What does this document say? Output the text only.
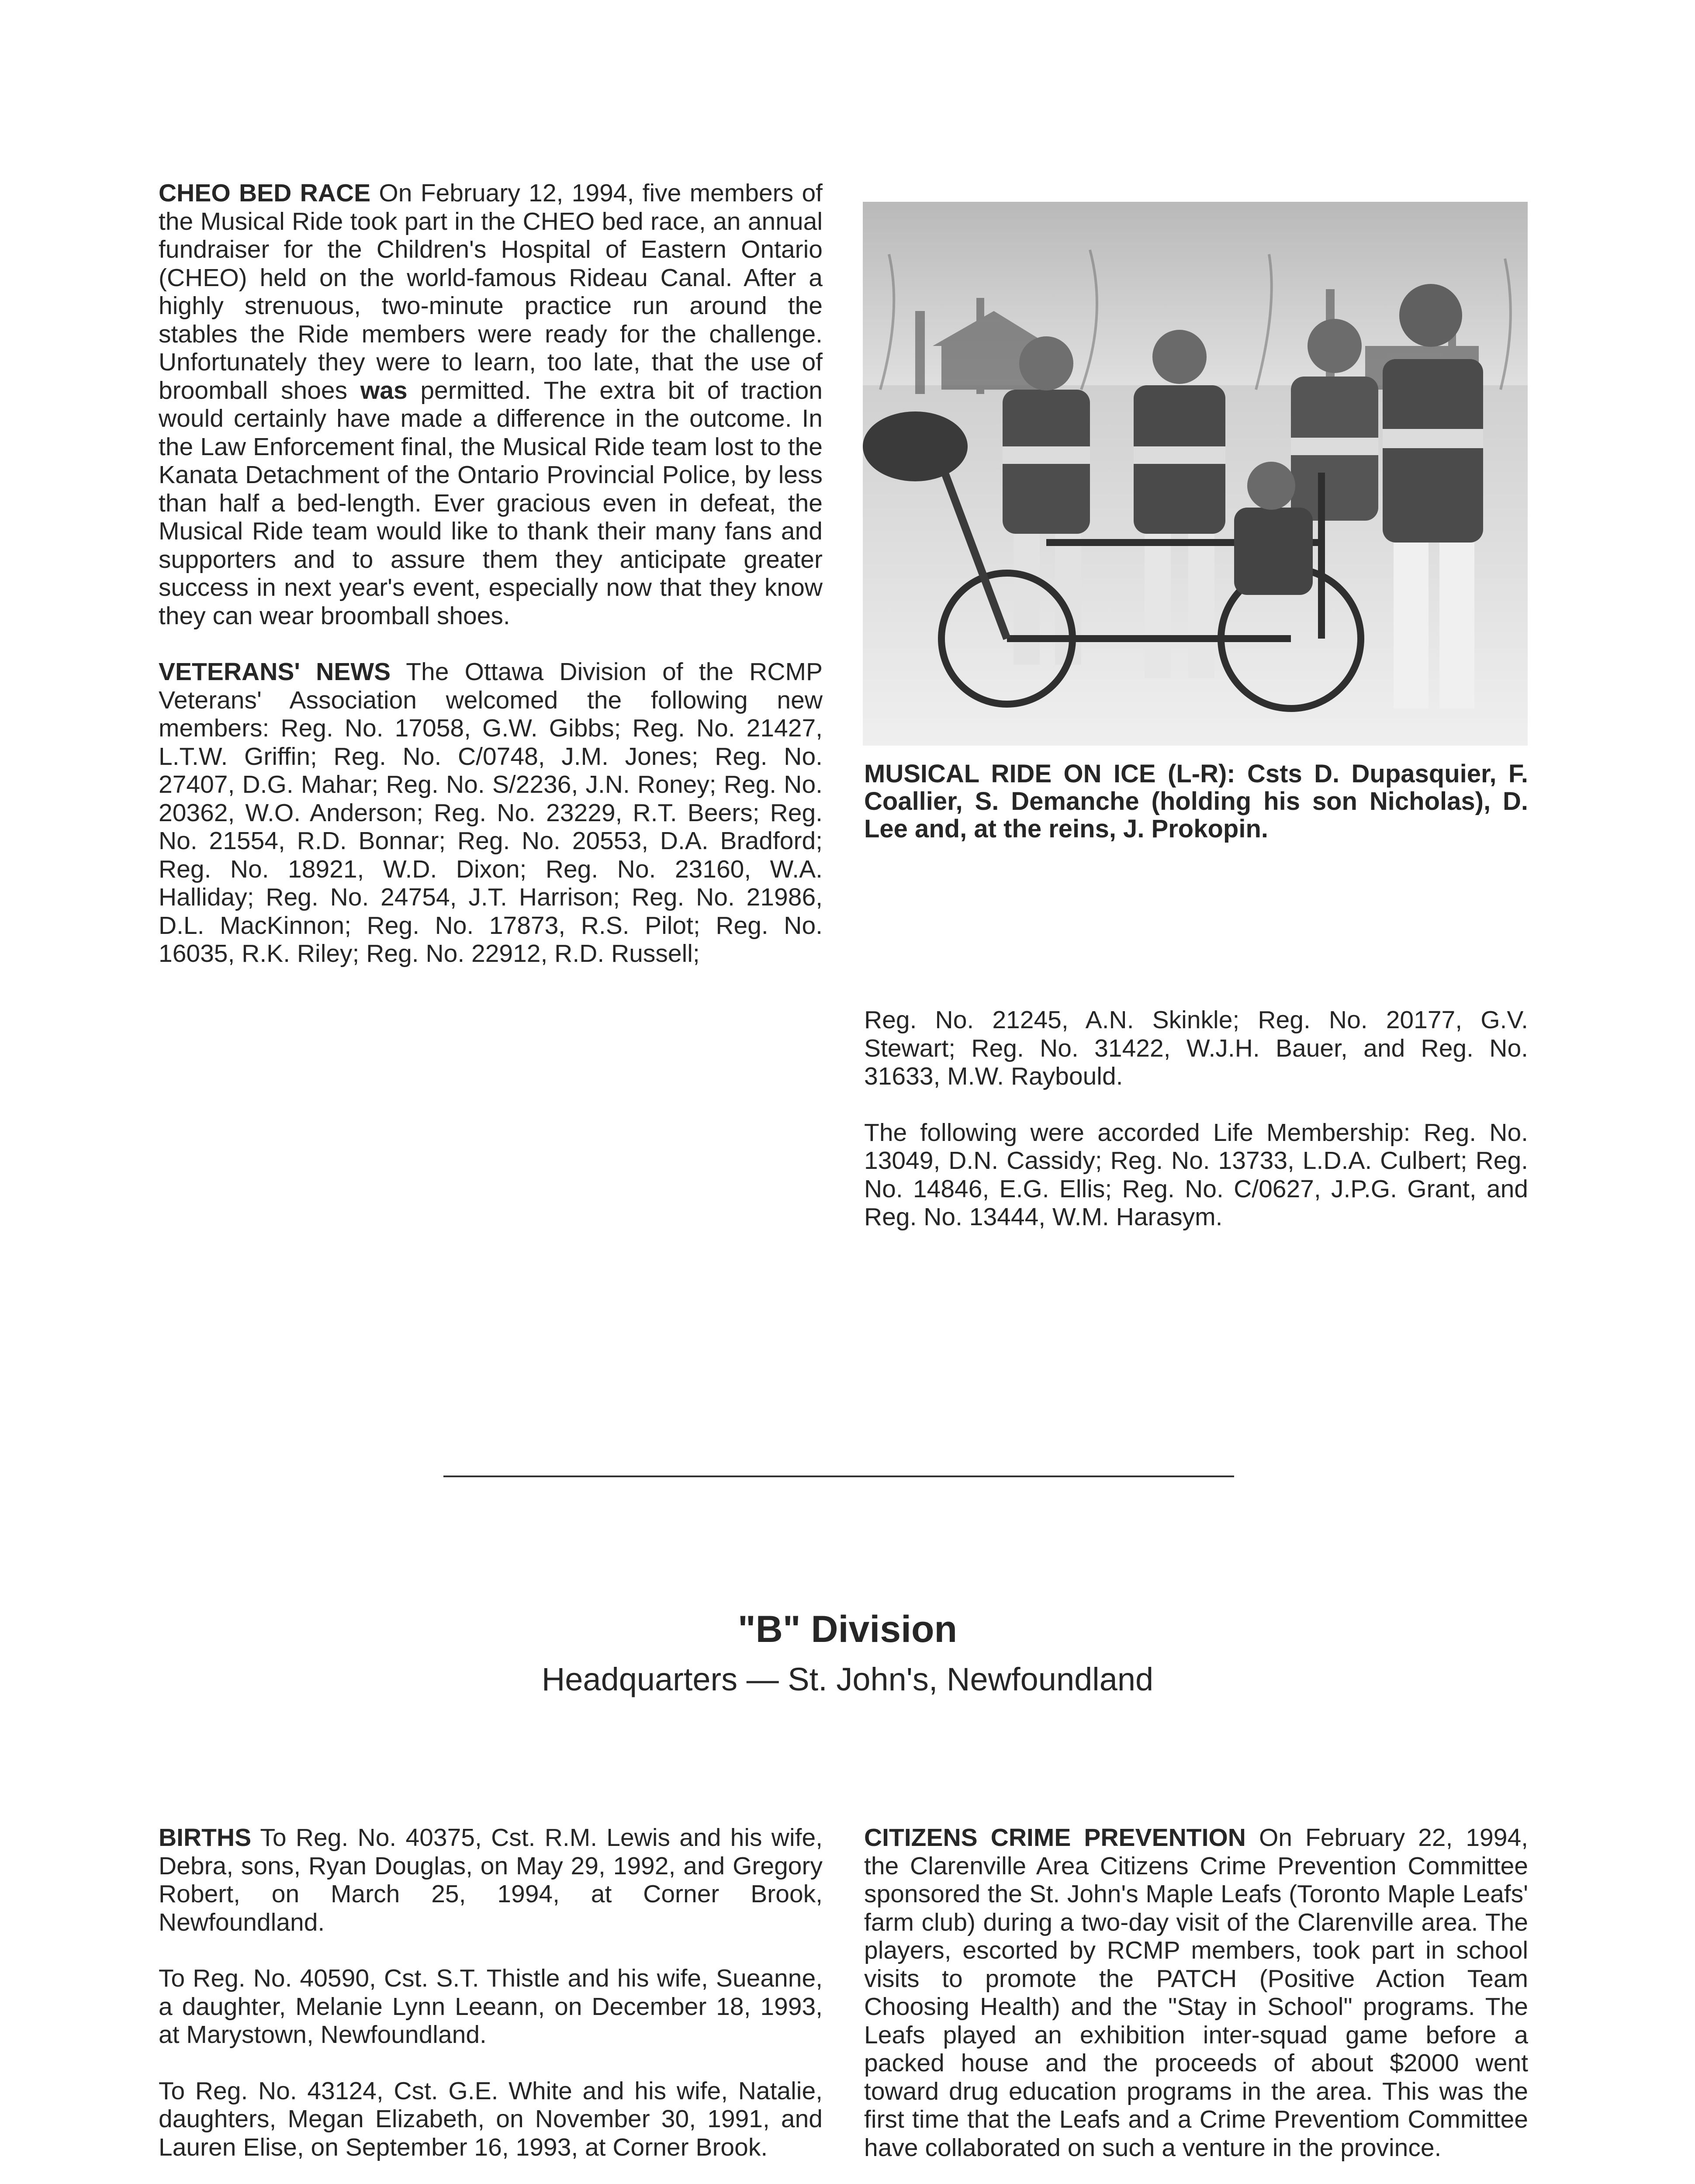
CHEO BED RACE On February 12, 1994, five members of the Musical Ride took part in the CHEO bed race, an annual fundraiser for the Children's Hospital of Eastern Ontario (CHEO) held on the world-famous Rideau Canal. After a highly strenuous, two-minute practice run around the stables the Ride members were ready for the challenge. Unfortunately they were to learn, too late, that the use of broomball shoes was permitted. The extra bit of traction would certainly have made a difference in the outcome. In the Law Enforcement final, the Musical Ride team lost to the Kanata Detachment of the Ontario Provincial Police, by less than half a bed-length. Ever gracious even in defeat, the Musical Ride team would like to thank their many fans and supporters and to assure them they anticipate greater success in next year's event, especially now that they know they can wear broomball shoes.

VETERANS' NEWS The Ottawa Division of the RCMP Veterans' Association welcomed the following new members: Reg. No. 17058, G.W. Gibbs; Reg. No. 21427, L.T.W. Griffin; Reg. No. C/0748, J.M. Jones; Reg. No. 27407, D.G. Mahar; Reg. No. S/2236, J.N. Roney; Reg. No. 20362, W.O. Anderson; Reg. No. 23229, R.T. Beers; Reg. No. 21554, R.D. Bonnar; Reg. No. 20553, D.A. Bradford; Reg. No. 18921, W.D. Dixon; Reg. No. 23160, W.A. Halliday; Reg. No. 24754, J.T. Harrison; Reg. No. 21986, D.L. MacKinnon; Reg. No. 17873, R.S. Pilot; Reg. No. 16035, R.K. Riley; Reg. No. 22912, R.D. Russell;

MUSICAL RIDE ON ICE (L-R): Csts D. Dupasquier, F. Coallier, S. Demanche (holding his son Nicholas), D. Lee and, at the reins, J. Prokopin.

Reg. No. 21245, A.N. Skinkle; Reg. No. 20177, G.V. Stewart; Reg. No. 31422, W.J.H. Bauer, and Reg. No. 31633, M.W. Raybould.

The following were accorded Life Membership: Reg. No. 13049, D.N. Cassidy; Reg. No. 13733, L.D.A. Culbert; Reg. No. 14846, E.G. Ellis; Reg. No. C/0627, J.P.G. Grant, and Reg. No. 13444, W.M. Harasym.

"B" Division
Headquarters — St. John's, Newfoundland

BIRTHS To Reg. No. 40375, Cst. R.M. Lewis and his wife, Debra, sons, Ryan Douglas, on May 29, 1992, and Gregory Robert, on March 25, 1994, at Corner Brook, Newfoundland.

To Reg. No. 40590, Cst. S.T. Thistle and his wife, Sueanne, a daughter, Melanie Lynn Leeann, on December 18, 1993, at Marystown, Newfoundland.

To Reg. No. 43124, Cst. G.E. White and his wife, Natalie, daughters, Megan Elizabeth, on November 30, 1991, and Lauren Elise, on September 16, 1993, at Corner Brook.

CITIZENS CRIME PREVENTION On February 22, 1994, the Clarenville Area Citizens Crime Prevention Committee sponsored the St. John's Maple Leafs (Toronto Maple Leafs' farm club) during a two-day visit of the Clarenville area. The players, escorted by RCMP members, took part in school visits to promote the PATCH (Positive Action Team Choosing Health) and the "Stay in School" programs. The Leafs played an exhibition inter-squad game before a packed house and the proceeds of about $2000 went toward drug education programs in the area. This was the first time that the Leafs and a Crime Preventiom Committee have collaborated on such a venture in the province.
